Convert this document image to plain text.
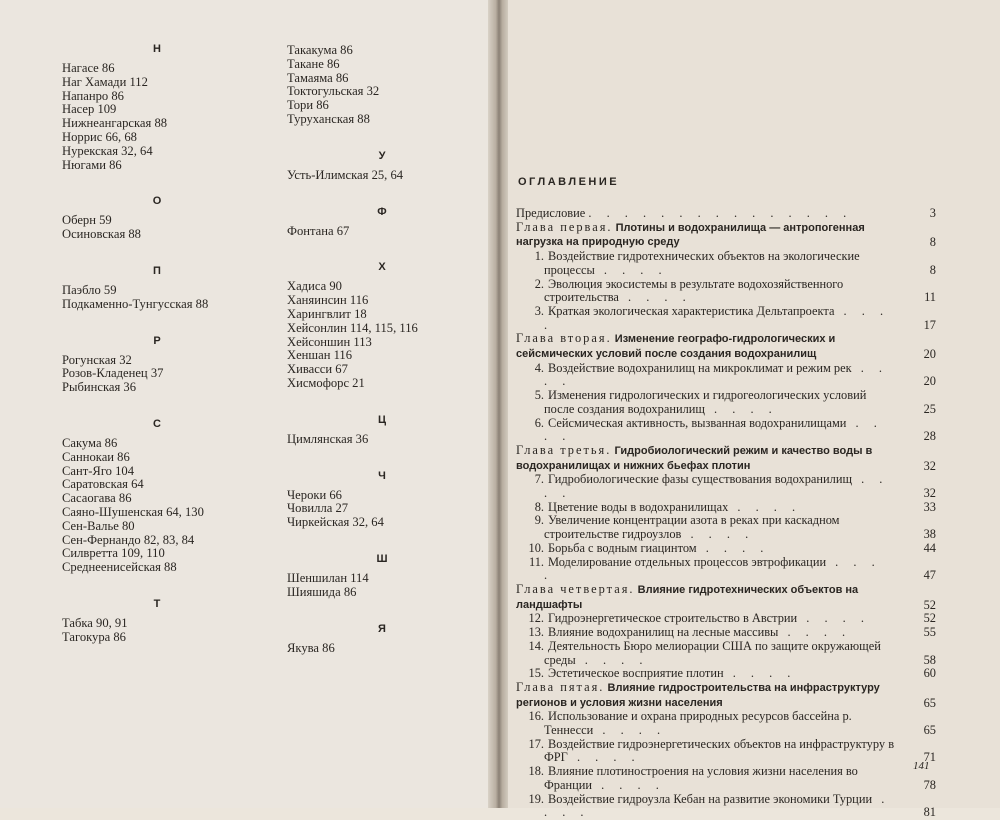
Н
Нагасе 86
Наг Хамади 112
Напанро 86
Насер 109
Нижнеангарская 88
Норрис 66, 68
Нурекская 32, 64
Нюгами 86
О
Оберн 59
Осиновская 88
П
Паэбло 59
Подкаменно-Тунгусская 88
Р
Рогунская 32
Розов-Кладенец 37
Рыбинская 36
С
Сакума 86
Саннокаи 86
Сант-Яго 104
Саратовская 64
Сасаогава 86
Саяно-Шушенская 64, 130
Сен-Валье 80
Сен-Фернандо 82, 83, 84
Силвретта 109, 110
Среднеенисейская 88
Т
Табка 90, 91
Тагокура 86
Такакума 86
Такане 86
Тамаяма 86
Токтогульская 32
Тори 86
Туруханская 88
У
Усть-Илимская 25, 64
Ф
Фонтана 67
Х
Хадиса 90
Ханяинсин 116
Харингвлит 18
Хейсонлин 114, 115, 116
Хейсоншин 113
Хеншан 116
Хивасси 67
Хисмофорс 21
Ц
Цимлянская 36
Ч
Чероки 66
Човилла 27
Чиркейская 32, 64
Ш
Шеншилан 114
Шияшида 86
Я
Якува 86
ОГЛАВЛЕНИЕ
Предисловие . . . . . . . . . . . . . . .	3
Глава первая. Плотины и водохранилища — антропогенная нагрузка на природную среду	8
1. Воздействие гидротехнических объектов на экологические процессы . . . .	8
2. Эволюция экосистемы в результате водохозяйственного строительства . . . .	11
3. Краткая экологическая характеристика Дельтапроекта . . . .	17
Глава вторая. Изменение географо-гидрологических и сейсмических условий после создания водохранилищ	20
4. Воздействие водохранилищ на микроклимат и режим рек . . . .	20
5. Изменения гидрологических и гидрогеологических условий после создания водохранилищ . . . .	25
6. Сейсмическая активность, вызванная водохранилищами . . . .	28
Глава третья. Гидробиологический режим и качество воды в водохранилищах и нижних бьефах плотин	32
7. Гидробиологические фазы существования водохранилищ . . . .	32
8. Цветение воды в водохранилищах . . . .	33
9. Увеличение концентрации азота в реках при каскадном строительстве гидроузлов . . . .	38
10. Борьба с водным гиацинтом . . . .	44
11. Моделирование отдельных процессов эвтрофикации . . . .	47
Глава четвертая. Влияние гидротехнических объектов на ландшафты	52
12. Гидроэнергетическое строительство в Австрии . . . .	52
13. Влияние водохранилищ на лесные массивы . . . .	55
14. Деятельность Бюро мелиорации США по защите окружающей среды . . . .	58
15. Эстетическое восприятие плотин . . . .	60
Глава пятая. Влияние гидростроительства на инфраструктуру регионов и условия жизни населения	65
16. Использование и охрана природных ресурсов бассейна р. Теннесси . . . .	65
17. Воздействие гидроэнергетических объектов на инфраструктуру в ФРГ . . . .	71
18. Влияние плотиностроения на условия жизни населения во Франции . . . .	78
19. Воздействие гидроузла Кебан на развитие экономики Турции . . . .	81
141
